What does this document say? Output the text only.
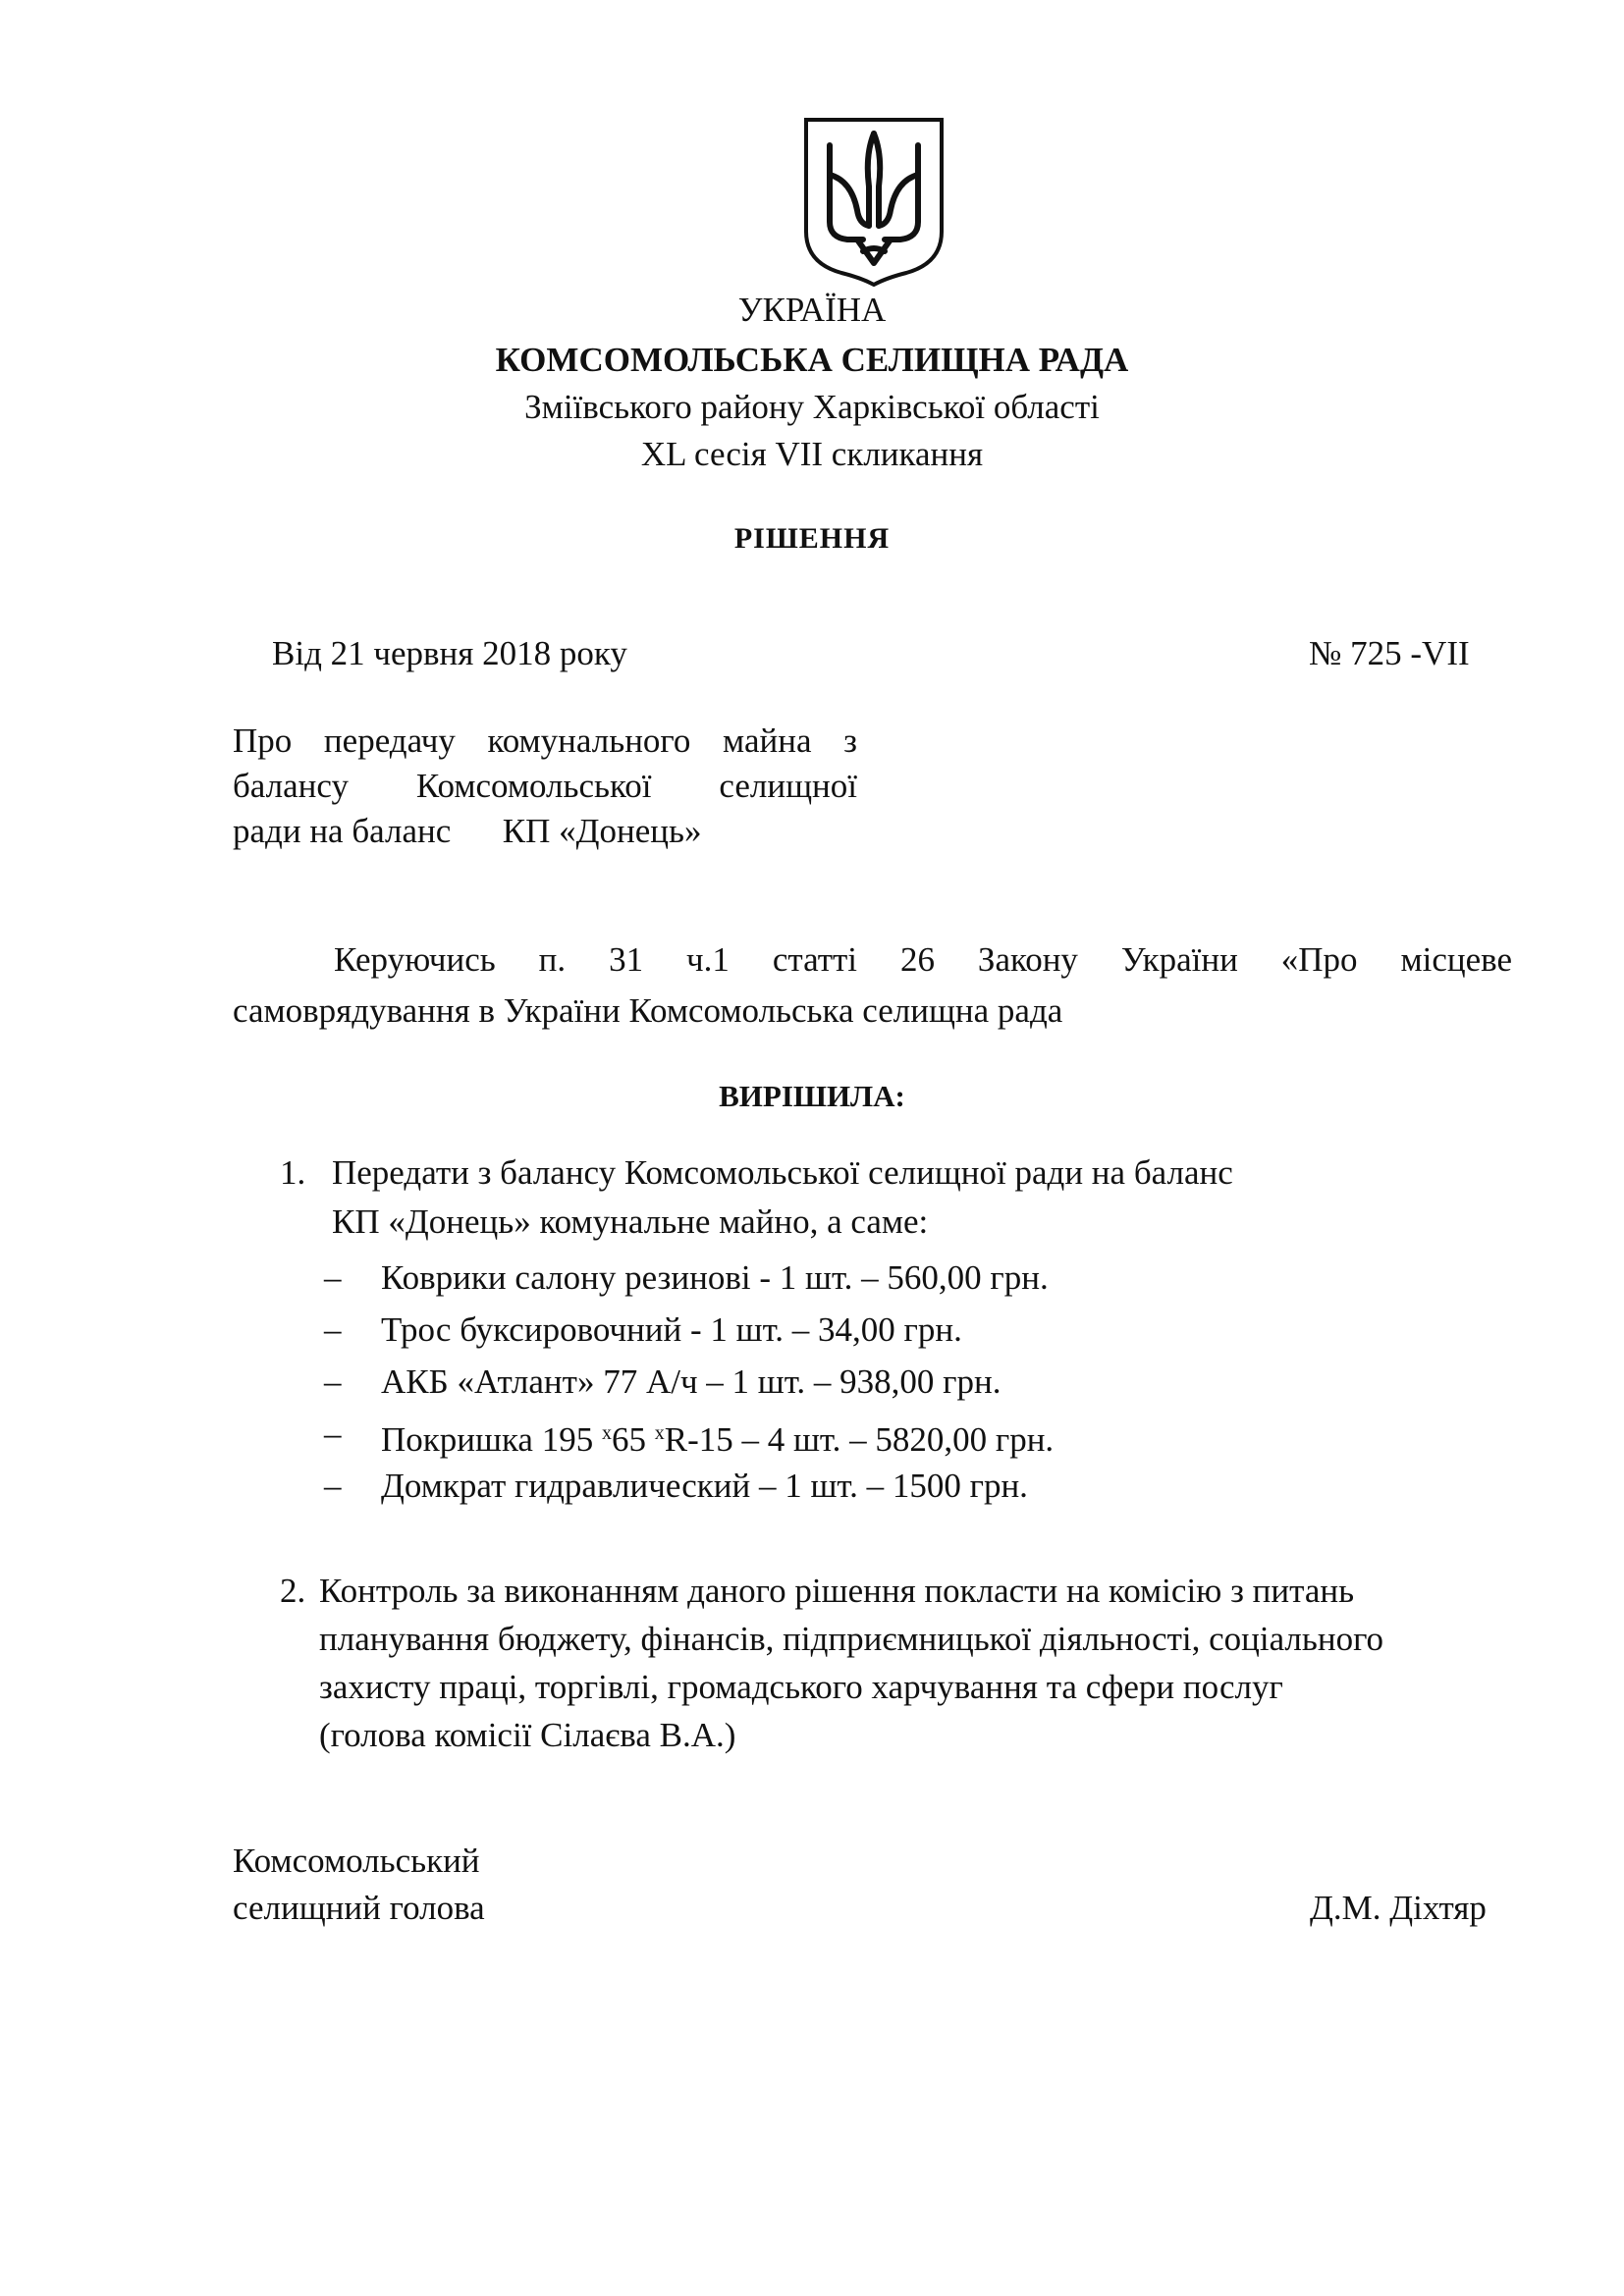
УКРАЇНА
КОМСОМОЛЬСЬКА СЕЛИЩНА РАДА
Зміївського району Харківської області
XL сесія VII скликання
РІШЕННЯ
Від 21 червня 2018 року	№ 725 -VII
Про передачу комунального майна з
балансу Комсомольської селищної
ради на баланс      КП «Донець»
Керуючись п. 31 ч.1 статті 26 Закону України «Про місцеве
самоврядування в України Комсомольська селищна рада
ВИРІШИЛА:
1. Передати з балансу Комсомольської селищної ради на баланс
КП «Донець» комунальне майно, а саме:
– Коврики салону резинові - 1 шт. – 560,00 грн.
– Трос буксировочний - 1 шт. – 34,00 грн.
– АКБ «Атлант» 77 А/ч – 1 шт. – 938,00 грн.
– Покришка 195 $^x$65 $^x$R-15 – 4 шт. – 5820,00 грн.
– Домкрат гидравлический – 1 шт. – 1500 грн.
2. Контроль за виконанням даного рішення покласти на комісію з питань
планування бюджету, фінансів, підприємницької діяльності, соціального
захисту праці, торгівлі, громадського харчування та сфери послуг
(голова комісії Сілаєва В.А.)
Комсомольський
селищний голова	Д.М. Діхтяр
